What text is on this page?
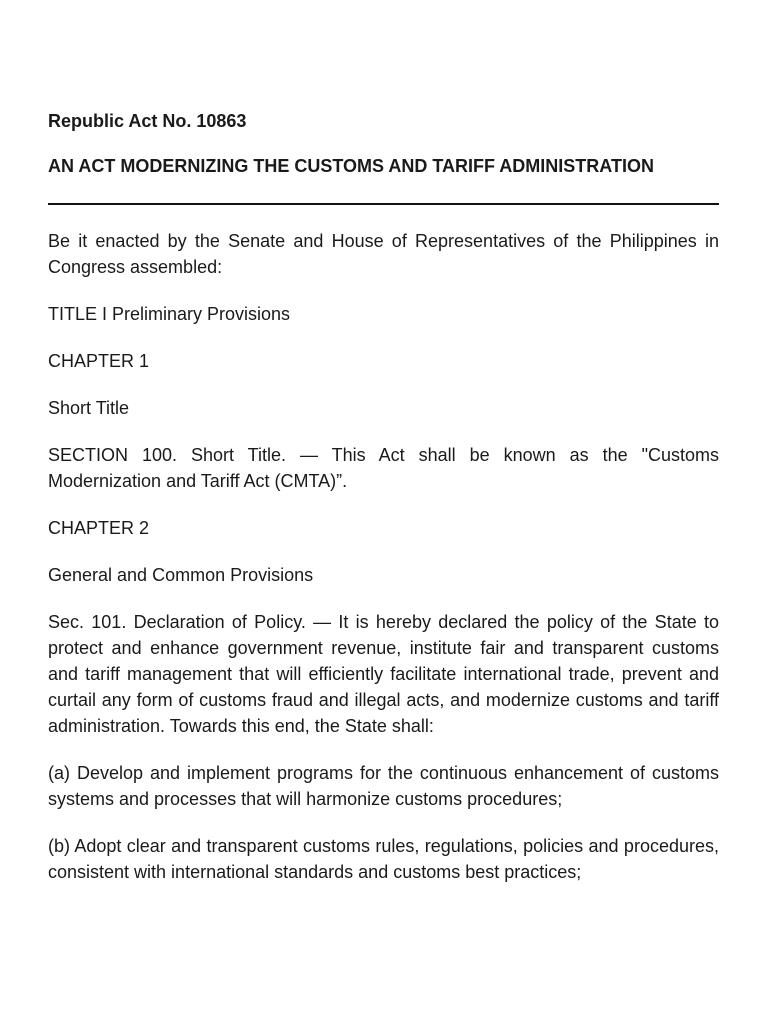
Republic Act No. 10863
AN ACT MODERNIZING THE CUSTOMS AND TARIFF ADMINISTRATION

Be it enacted by the Senate and House of Representatives of the Philippines in Congress assembled:

TITLE I Preliminary Provisions

CHAPTER 1

Short Title

SECTION 100. Short Title. — This Act shall be known as the "Customs Modernization and Tariff Act (CMTA)”.

CHAPTER 2

General and Common Provisions

Sec. 101. Declaration of Policy. — It is hereby declared the policy of the State to protect and enhance government revenue, institute fair and transparent customs and tariff management that will efficiently facilitate international trade, prevent and curtail any form of customs fraud and illegal acts, and modernize customs and tariff administration. Towards this end, the State shall:

(a) Develop and implement programs for the continuous enhancement of customs systems and processes that will harmonize customs procedures;

(b) Adopt clear and transparent customs rules, regulations, policies and procedures, consistent with international standards and customs best practices;
